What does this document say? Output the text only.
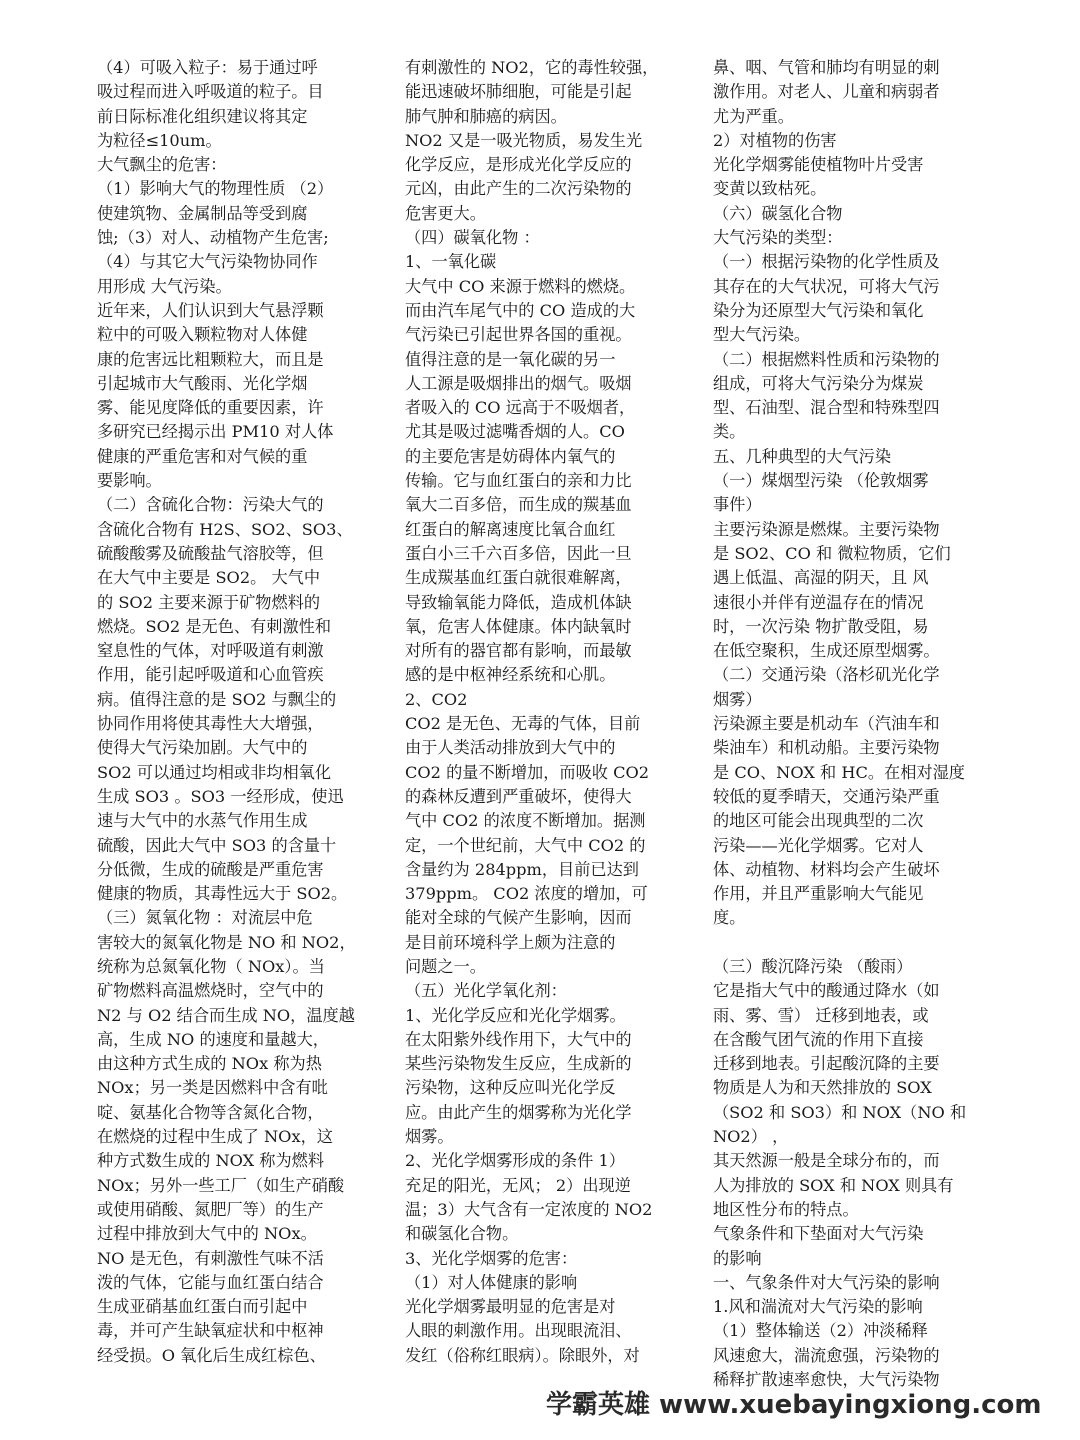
（4）可吸入粒子：易于通过呼

吸过程而进入呼吸道的粒子。目

前日际标准化组织建议将其定

为粒径≤10um。

大气飘尘的危害：

（1）影响大气的物理性质 （2）

使建筑物、金属制品等受到腐

蚀;（3）对人、动植物产生危害;

（4）与其它大气污染物协同作

用形成 大气污染。

近年来，人们认识到大气悬浮颗

粒中的可吸入颗粒物对人体健

康的危害远比粗颗粒大，而且是

引起城市大气酸雨、光化学烟

雾、能见度降低的重要因素，许

多研究已经揭示出 PM10 对人体

健康的严重危害和对气候的重

要影响。

（二）含硫化合物：污染大气的

含硫化合物有 H2S、SO2、SO3、

硫酸酸雾及硫酸盐气溶胶等，但

在大气中主要是 SO2。 大气中

的 SO2 主要来源于矿物燃料的

燃烧。SO2 是无色、有刺激性和

窒息性的气体，对呼吸道有刺激

作用，能引起呼吸道和心血管疾

病。值得注意的是 SO2 与飘尘的

协同作用将使其毒性大大增强，

使得大气污染加剧。大气中的

SO2 可以通过均相或非均相氧化

生成 SO3 。SO3 一经形成，使迅

速与大气中的水蒸气作用生成

硫酸，因此大气中 SO3 的含量十

分低微，生成的硫酸是严重危害

健康的物质，其毒性远大于 SO2。

（三）氮氧化物 ：对流层中危

害较大的氮氧化物是 NO 和 NO2，

统称为总氮氧化物（ NOx）。当

矿物燃料高温燃烧时，空气中的

N2 与 O2 结合而生成 NO，温度越

高，生成 NO 的速度和量越大，

由这种方式生成的 NOx 称为热

NOx；另一类是因燃料中含有吡

啶、氨基化合物等含氮化合物，

在燃烧的过程中生成了 NOx，这

种方式数生成的 NOX 称为燃料

NOx；另外一些工厂（如生产硝酸

或使用硝酸、氮肥厂等）的生产

过程中排放到大气中的 NOx。

NO 是无色，有刺激性气味不活

泼的气体，它能与血红蛋白结合

生成亚硝基血红蛋白而引起中

毒，并可产生缺氧症状和中枢神

经受损。O 氧化后生成红棕色、

有刺激性的 NO2，它的毒性较强，

能迅速破坏肺细胞，可能是引起

肺气肿和肺癌的病因。

NO2 又是一吸光物质，易发生光

化学反应，是形成光化学反应的

元凶，由此产生的二次污染物的

危害更大。

（四）碳氧化物 ：

1、一氧化碳

大气中 CO 来源于燃料的燃烧。

而由汽车尾气中的 CO 造成的大

气污染已引起世界各国的重视。

值得注意的是一氧化碳的另一

人工源是吸烟排出的烟气。吸烟

者吸入的 CO 远高于不吸烟者，

尤其是吸过滤嘴香烟的人。CO

的主要危害是妨碍体内氧气的

传输。它与血红蛋白的亲和力比

氧大二百多倍，而生成的羰基血

红蛋白的解离速度比氧合血红

蛋白小三千六百多倍，因此一旦

生成羰基血红蛋白就很难解离，

导致输氧能力降低，造成机体缺

氧，危害人体健康。体内缺氧时

对所有的器官都有影响，而最敏

感的是中枢神经系统和心肌。

2、CO2

CO2 是无色、无毒的气体，目前

由于人类活动排放到大气中的

CO2 的量不断增加，而吸收 CO2

的森林反遭到严重破坏，使得大

气中 CO2 的浓度不断增加。据测

定，一个世纪前，大气中 CO2 的

含量约为 284ppm，目前已达到

379ppm。 CO2 浓度的增加，可

能对全球的气候产生影响，因而

是目前环境科学上颇为注意的

问题之一。

（五）光化学氧化剂：

1、光化学反应和光化学烟雾。

在太阳紫外线作用下，大气中的

某些污染物发生反应，生成新的

污染物，这种反应叫光化学反

应。由此产生的烟雾称为光化学

烟雾。

2、光化学烟雾形成的条件 1）

充足的阳光，无风； 2）出现逆

温；3）大气含有一定浓度的 NO2

和碳氢化合物。

3、光化学烟雾的危害：

（1）对人体健康的影响

光化学烟雾最明显的危害是对

人眼的刺激作用。出现眼流泪、

发红（俗称红眼病）。除眼外，对

鼻、咽、气管和肺均有明显的刺

激作用。对老人、儿童和病弱者

尤为严重。

2）对植物的伤害

光化学烟雾能使植物叶片受害

变黄以致枯死。

（六）碳氢化合物

大气污染的类型：

（一）根据污染物的化学性质及

其存在的大气状况，可将大气污

染分为还原型大气污染和氧化

型大气污染。

（二）根据燃料性质和污染物的

组成，可将大气污染分为煤炭

型、石油型、混合型和特殊型四

类。

五、几种典型的大气污染

（一）煤烟型污染 （伦敦烟雾

事件）

主要污染源是燃煤。主要污染物

是 SO2、CO 和 微粒物质，它们

遇上低温、高湿的阴天，且 风

速很小并伴有逆温存在的情况

时，一次污染 物扩散受阻，易

在低空聚积，生成还原型烟雾。

（二）交通污染（洛杉矶光化学

烟雾）

污染源主要是机动车（汽油车和

柴油车）和机动船。主要污染物

是 CO、NOX 和 HC。在相对湿度

较低的夏季晴天，交通污染严重

的地区可能会出现典型的二次

污染——光化学烟雾。它对人

体、动植物、材料均会产生破坏

作用，并且严重影响大气能见

度。

（三）酸沉降污染 （酸雨）

它是指大气中的酸通过降水（如

雨、雾、雪） 迁移到地表，或

在含酸气团气流的作用下直接

迁移到地表。引起酸沉降的主要

物质是人为和天然排放的 SOX

（SO2 和 SO3）和 NOX（NO 和

NO2） ，

其天然源一般是全球分布的，而

人为排放的 SOX 和 NOX 则具有

地区性分布的特点。

气象条件和下垫面对大气污染

的影响

一、气象条件对大气污染的影响

1.风和湍流对大气污染的影响

（1）整体输送（2）冲淡稀释

风速愈大，湍流愈强，污染物的

稀释扩散速率愈快，大气污染物

学霸英雄 www.xuebayingxiong.com
